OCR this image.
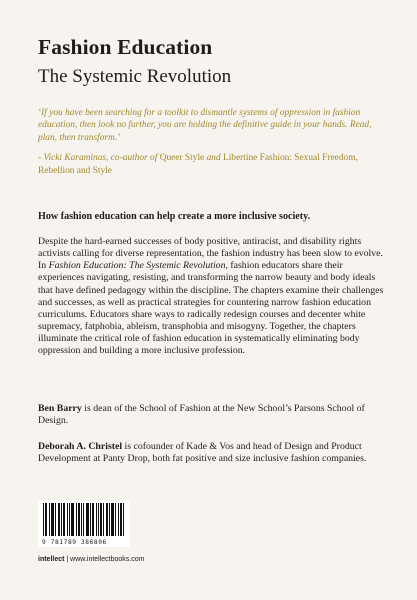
Fashion Education
The Systemic Revolution

‘If you have been searching for a toolkit to dismantle systems of oppression in fashion education, then look no further, you are holding the definitive guide in your hands. Read, plan, then transform.’

- Vicki Karaminas, co-author of Queer Style and Libertine Fashion: Sexual Freedom, Rebellion and Style

How fashion education can help create a more inclusive society.

Despite the hard-earned successes of body positive, antiracist, and disability rights activists calling for diverse representation, the fashion industry has been slow to evolve. In Fashion Education: The Systemic Revolution, fashion educators share their experiences navigating, resisting, and transforming the narrow beauty and body ideals that have defined pedagogy within the discipline. The chapters examine their challenges and successes, as well as practical strategies for countering narrow fashion education curriculums. Educators share ways to radically redesign courses and decenter white supremacy, fatphobia, ableism, transphobia and misogyny. Together, the chapters illuminate the critical role of fashion education in systematically eliminating body oppression and building a more inclusive profession.

Ben Barry is dean of the School of Fashion at the New School’s Parsons School of Design.
Deborah A. Christel is cofounder of Kade & Vos and head of Design and Product Development at Panty Drop, both fat positive and size inclusive fashion companies.
9 781789 386806
intellect | www.intellectbooks.com
